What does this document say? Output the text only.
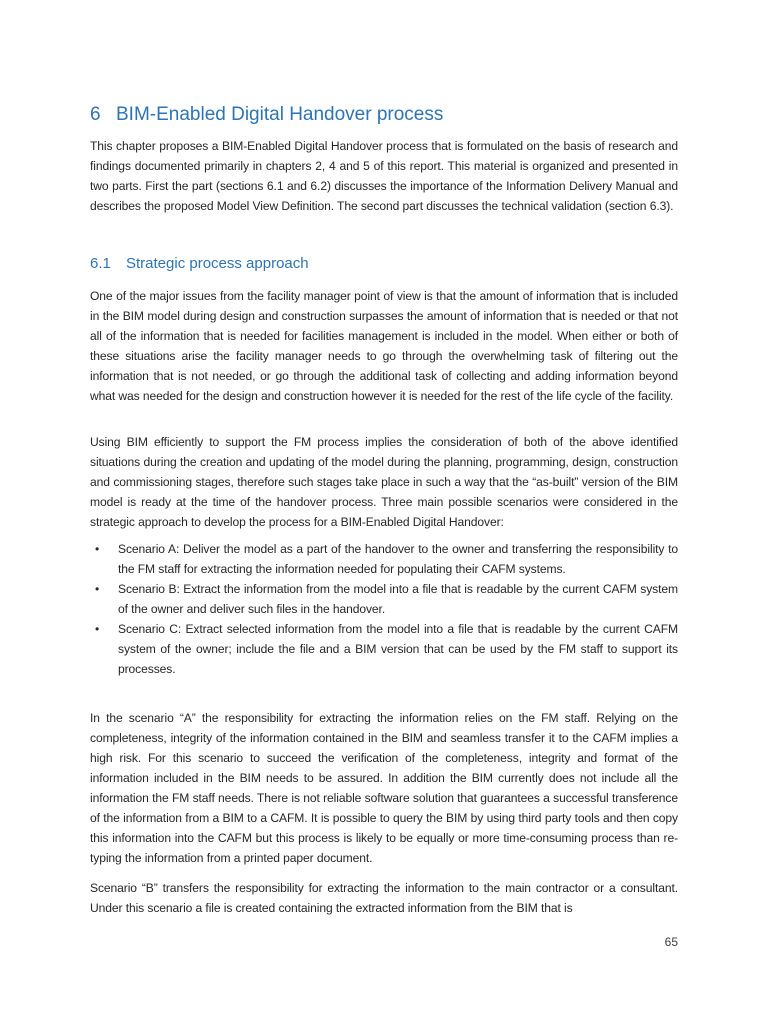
6 BIM-Enabled Digital Handover process

This chapter proposes a BIM-Enabled Digital Handover process that is formulated on the basis of research and findings documented primarily in chapters 2, 4 and 5 of this report. This material is organized and presented in two parts. First the part (sections 6.1 and 6.2) discusses the importance of the Information Delivery Manual and describes the proposed Model View Definition. The second part discusses the technical validation (section 6.3).

6.1 Strategic process approach

One of the major issues from the facility manager point of view is that the amount of information that is included in the BIM model during design and construction surpasses the amount of information that is needed or that not all of the information that is needed for facilities management is included in the model. When either or both of these situations arise the facility manager needs to go through the overwhelming task of filtering out the information that is not needed, or go through the additional task of collecting and adding information beyond what was needed for the design and construction however it is needed for the rest of the life cycle of the facility.

Using BIM efficiently to support the FM process implies the consideration of both of the above identified situations during the creation and updating of the model during the planning, programming, design, construction and commissioning stages, therefore such stages take place in such a way that the “as-built” version of the BIM model is ready at the time of the handover process. Three main possible scenarios were considered in the strategic approach to develop the process for a BIM-Enabled Digital Handover:

• Scenario A: Deliver the model as a part of the handover to the owner and transferring the responsibility to the FM staff for extracting the information needed for populating their CAFM systems.
• Scenario B: Extract the information from the model into a file that is readable by the current CAFM system of the owner and deliver such files in the handover.
• Scenario C: Extract selected information from the model into a file that is readable by the current CAFM system of the owner; include the file and a BIM version that can be used by the FM staff to support its processes.

In the scenario “A” the responsibility for extracting the information relies on the FM staff. Relying on the completeness, integrity of the information contained in the BIM and seamless transfer it to the CAFM implies a high risk. For this scenario to succeed the verification of the completeness, integrity and format of the information included in the BIM needs to be assured. In addition the BIM currently does not include all the information the FM staff needs. There is not reliable software solution that guarantees a successful transference of the information from a BIM to a CAFM. It is possible to query the BIM by using third party tools and then copy this information into the CAFM but this process is likely to be equally or more time-consuming process than re-typing the information from a printed paper document.

Scenario “B” transfers the responsibility for extracting the information to the main contractor or a consultant. Under this scenario a file is created containing the extracted information from the BIM that is

65
